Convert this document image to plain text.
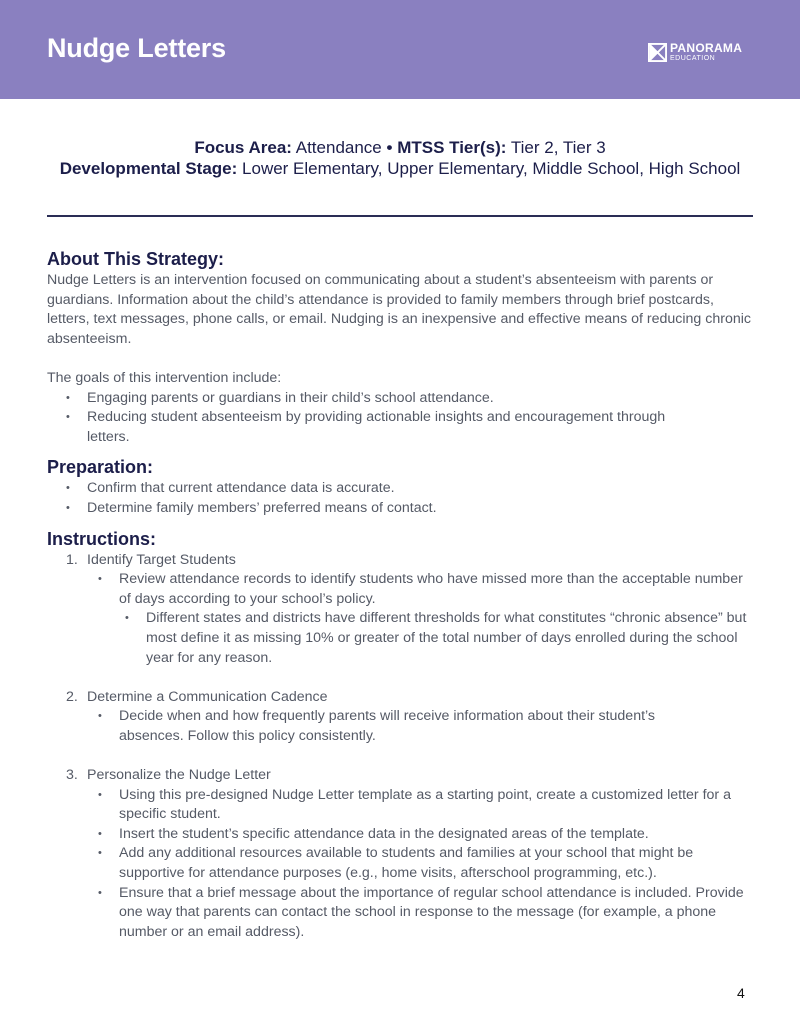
Nudge Letters	PANORAMA
EDUCATION
Focus Area: Attendance • MTSS Tier(s): Tier 2, Tier 3
Developmental Stage: Lower Elementary, Upper Elementary, Middle School, High School
About This Strategy:

Nudge Letters is an intervention focused on communicating about a student’s absenteeism with parents or guardians. Information about the child’s attendance is provided to family members through brief postcards, letters, text messages, phone calls, or email. Nudging is an inexpensive and effective means of reducing chronic absenteeism.

The goals of this intervention include:

• Engaging parents or guardians in their child’s school attendance.
• Reducing student absenteeism by providing actionable insights and encouragement through letters.
Preparation:
• Confirm that current attendance data is accurate.
• Determine family members’ preferred means of contact.
Instructions:
1. Identify Target Students
• Review attendance records to identify students who have missed more than the acceptable number of days according to your school’s policy.
• Different states and districts have different thresholds for what constitutes “chronic absence” but most define it as missing 10% or greater of the total number of days enrolled during the school year for any reason.
2. Determine a Communication Cadence
• Decide when and how frequently parents will receive information about their student’s absences. Follow this policy consistently.
3. Personalize the Nudge Letter
• Using this pre-designed Nudge Letter template as a starting point, create a customized letter for a specific student.
• Insert the student’s specific attendance data in the designated areas of the template.
• Add any additional resources available to students and families at your school that might be supportive for attendance purposes (e.g., home visits, afterschool programming, etc.).
• Ensure that a brief message about the importance of regular school attendance is included. Provide one way that parents can contact the school in response to the message (for example, a phone number or an email address).
4
